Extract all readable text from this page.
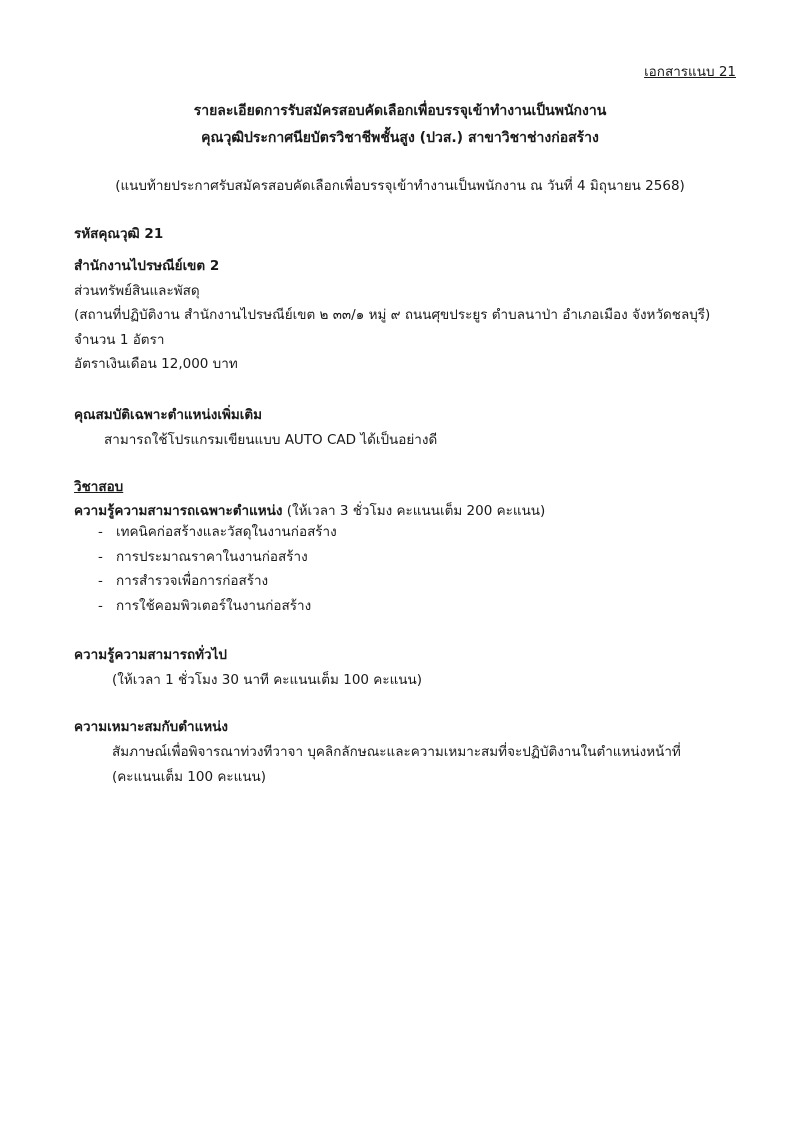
เอกสารแนบ 21
รายละเอียดการรับสมัครสอบคัดเลือกเพื่อบรรจุเข้าทำงานเป็นพนักงาน
คุณวุฒิประกาศนียบัตรวิชาชีพชั้นสูง (ปวส.) สาขาวิชาช่างก่อสร้าง
(แนบท้ายประกาศรับสมัครสอบคัดเลือกเพื่อบรรจุเข้าทำงานเป็นพนักงาน ณ วันที่ 4 มิถุนายน 2568)
รหัสคุณวุฒิ 21
สำนักงานไปรษณีย์เขต 2
ส่วนทรัพย์สินและพัสดุ
(สถานที่ปฏิบัติงาน สำนักงานไปรษณีย์เขต ๒ ๓๓/๑ หมู่ ๙ ถนนศุขประยูร ตำบลนาป่า อำเภอเมือง จังหวัดชลบุรี)
จำนวน 1 อัตรา
อัตราเงินเดือน 12,000 บาท
คุณสมบัติเฉพาะตำแหน่งเพิ่มเติม
สามารถใช้โปรแกรมเขียนแบบ AUTO CAD ได้เป็นอย่างดี
วิชาสอบ
ความรู้ความสามารถเฉพาะตำแหน่ง (ให้เวลา 3 ชั่วโมง คะแนนเต็ม 200 คะแนน)
- เทคนิคก่อสร้างและวัสดุในงานก่อสร้าง
- การประมาณราคาในงานก่อสร้าง
- การสำรวจเพื่อการก่อสร้าง
- การใช้คอมพิวเตอร์ในงานก่อสร้าง
ความรู้ความสามารถทั่วไป
(ให้เวลา 1 ชั่วโมง 30 นาที คะแนนเต็ม 100 คะแนน)
ความเหมาะสมกับตำแหน่ง
สัมภาษณ์เพื่อพิจารณาท่วงทีวาจา บุคลิกลักษณะและความเหมาะสมที่จะปฏิบัติงานในตำแหน่งหน้าที่
(คะแนนเต็ม 100 คะแนน)
